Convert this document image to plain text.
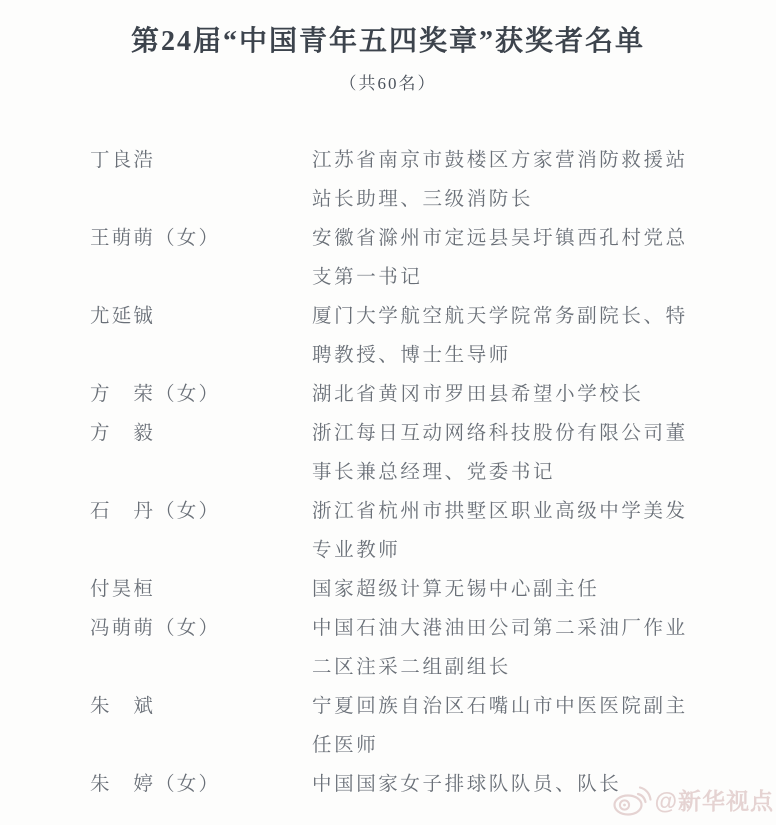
第24届“中国青年五四奖章”获奖者名单
（共60名）
丁良浩	江苏省南京市鼓楼区方家营消防救援站
站长助理、三级消防长
王萌萌（女）	安徽省滁州市定远县吴圩镇西孔村党总
支第一书记
尤延铖	厦门大学航空航天学院常务副院长、特
聘教授、博士生导师
方　荣（女）	湖北省黄冈市罗田县希望小学校长
方　毅	浙江每日互动网络科技股份有限公司董
事长兼总经理、党委书记
石　丹（女）	浙江省杭州市拱墅区职业高级中学美发
专业教师
付昊桓	国家超级计算无锡中心副主任
冯萌萌（女）	中国石油大港油田公司第二采油厂作业
二区注采二组副组长
朱　斌	宁夏回族自治区石嘴山市中医医院副主
任医师
朱　婷（女）	中国国家女子排球队队员、队长
@新华视点
